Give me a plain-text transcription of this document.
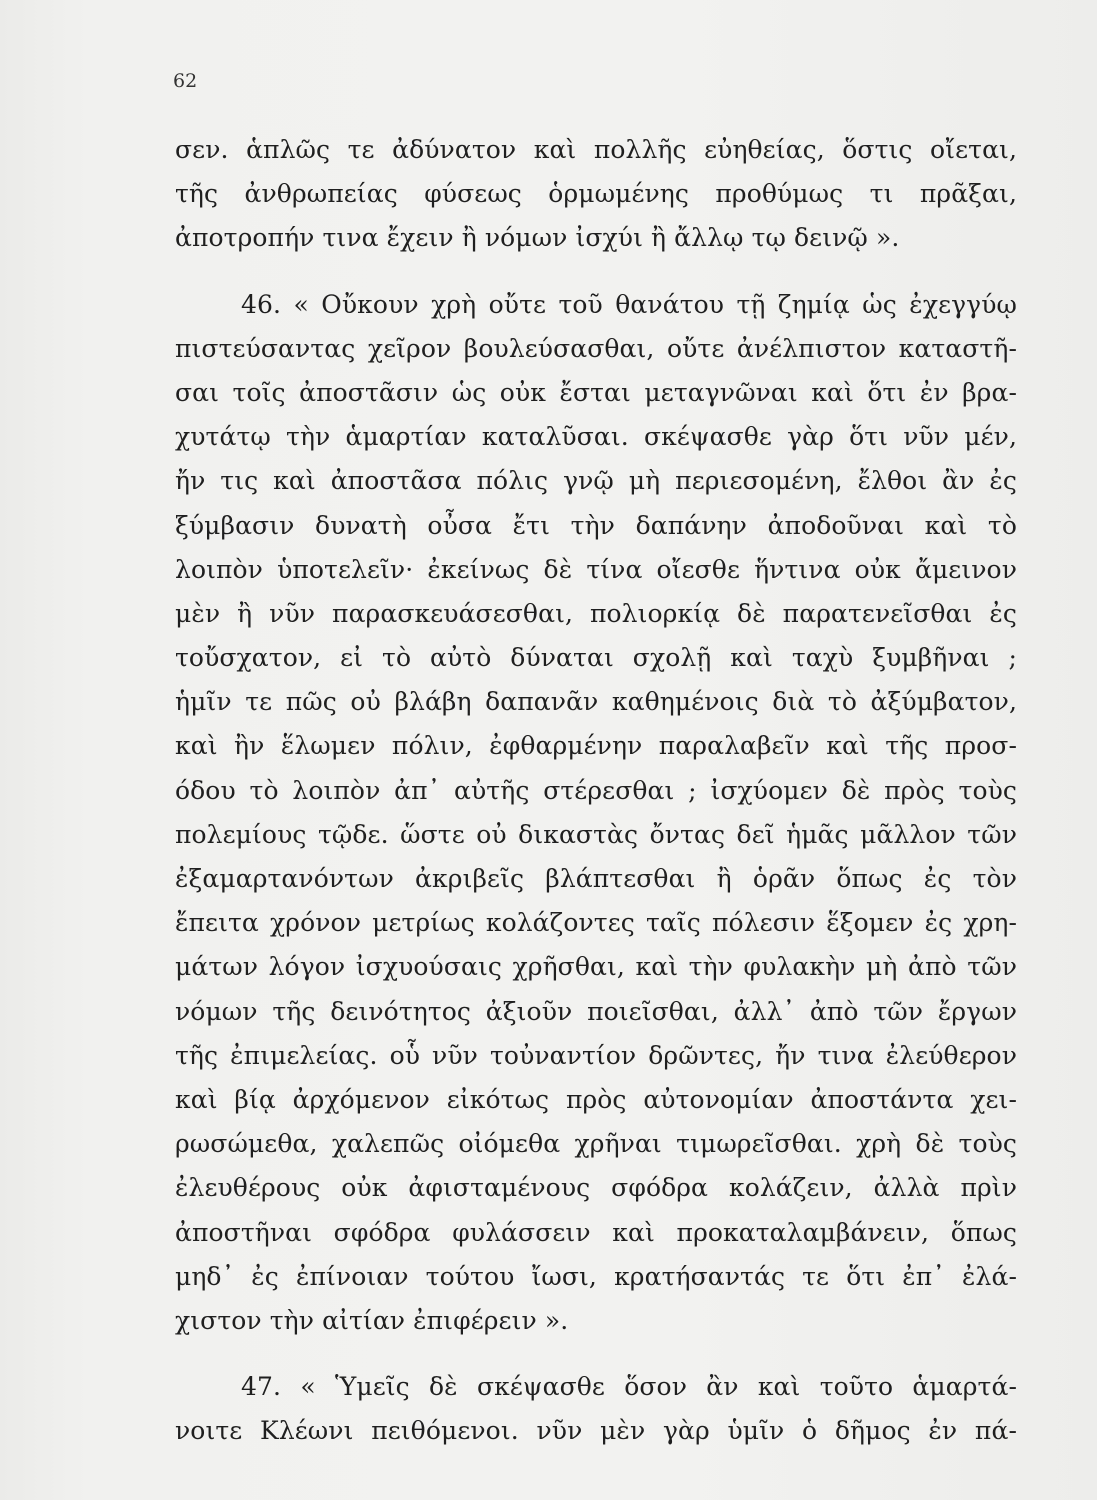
62
σεν. ἁπλῶς τε ἀδύνατον καὶ πολλῆς εὐηθείας, ὅστις οἴεται,
τῆς ἀνθρωπείας φύσεως ὁρμωμένης προθύμως τι πρᾶξαι,
ἀποτροπήν τινα ἔχειν ἢ νόμων ἰσχύι ἢ ἄλλῳ τῳ δεινῷ ».
46. « Οὔκουν χρὴ οὔτε τοῦ θανάτου τῇ ζημίᾳ ὡς ἐχεγγύῳ
πιστεύσαντας χεῖρον βουλεύσασθαι, οὔτε ἀνέλπιστον καταστῆ-
σαι τοῖς ἀποστᾶσιν ὡς οὐκ ἔσται μεταγνῶναι καὶ ὅτι ἐν βρα-
χυτάτῳ τὴν ἁμαρτίαν καταλῦσαι. σκέψασθε γὰρ ὅτι νῦν μέν,
ἤν τις καὶ ἀποστᾶσα πόλις γνῷ μὴ περιεσομένη, ἔλθοι ἂν ἐς
ξύμβασιν δυνατὴ οὖσα ἔτι τὴν δαπάνην ἀποδοῦναι καὶ τὸ
λοιπὸν ὑποτελεῖν· ἐκείνως δὲ τίνα οἴεσθε ἥντινα οὐκ ἄμεινον
μὲν ἢ νῦν παρασκευάσεσθαι, πολιορκίᾳ δὲ παρατενεῖσθαι ἐς
τοὔσχατον, εἰ τὸ αὐτὸ δύναται σχολῇ καὶ ταχὺ ξυμβῆναι ;
ἡμῖν τε πῶς οὐ βλάβη δαπανᾶν καθημένοις διὰ τὸ ἀξύμβατον,
καὶ ἢν ἕλωμεν πόλιν, ἐφθαρμένην παραλαβεῖν καὶ τῆς προσ-
όδου τὸ λοιπὸν ἀπ᾽ αὐτῆς στέρεσθαι ; ἰσχύομεν δὲ πρὸς τοὺς
πολεμίους τῷδε. ὥστε οὐ δικαστὰς ὄντας δεῖ ἡμᾶς μᾶλλον τῶν
ἐξαμαρτανόντων ἀκριβεῖς βλάπτεσθαι ἢ ὁρᾶν ὅπως ἐς τὸν
ἔπειτα χρόνον μετρίως κολάζοντες ταῖς πόλεσιν ἕξομεν ἐς χρη-
μάτων λόγον ἰσχυούσαις χρῆσθαι, καὶ τὴν φυλακὴν μὴ ἀπὸ τῶν
νόμων τῆς δεινότητος ἀξιοῦν ποιεῖσθαι, ἀλλ᾽ ἀπὸ τῶν ἔργων
τῆς ἐπιμελείας. οὗ νῦν τοὐναντίον δρῶντες, ἤν τινα ἐλεύθερον
καὶ βίᾳ ἀρχόμενον εἰκότως πρὸς αὐτονομίαν ἀποστάντα χει-
ρωσώμεθα, χαλεπῶς οἰόμεθα χρῆναι τιμωρεῖσθαι. χρὴ δὲ τοὺς
ἐλευθέρους οὐκ ἀφισταμένους σφόδρα κολάζειν, ἀλλὰ πρὶν
ἀποστῆναι σφόδρα φυλάσσειν καὶ προκαταλαμβάνειν, ὅπως
μηδ᾽ ἐς ἐπίνοιαν τούτου ἴωσι, κρατήσαντάς τε ὅτι ἐπ᾽ ἐλά-
χιστον τὴν αἰτίαν ἐπιφέρειν ».
47. « Ὑμεῖς δὲ σκέψασθε ὅσον ἂν καὶ τοῦτο ἁμαρτά-
νοιτε Κλέωνι πειθόμενοι. νῦν μὲν γὰρ ὑμῖν ὁ δῆμος ἐν πά-
